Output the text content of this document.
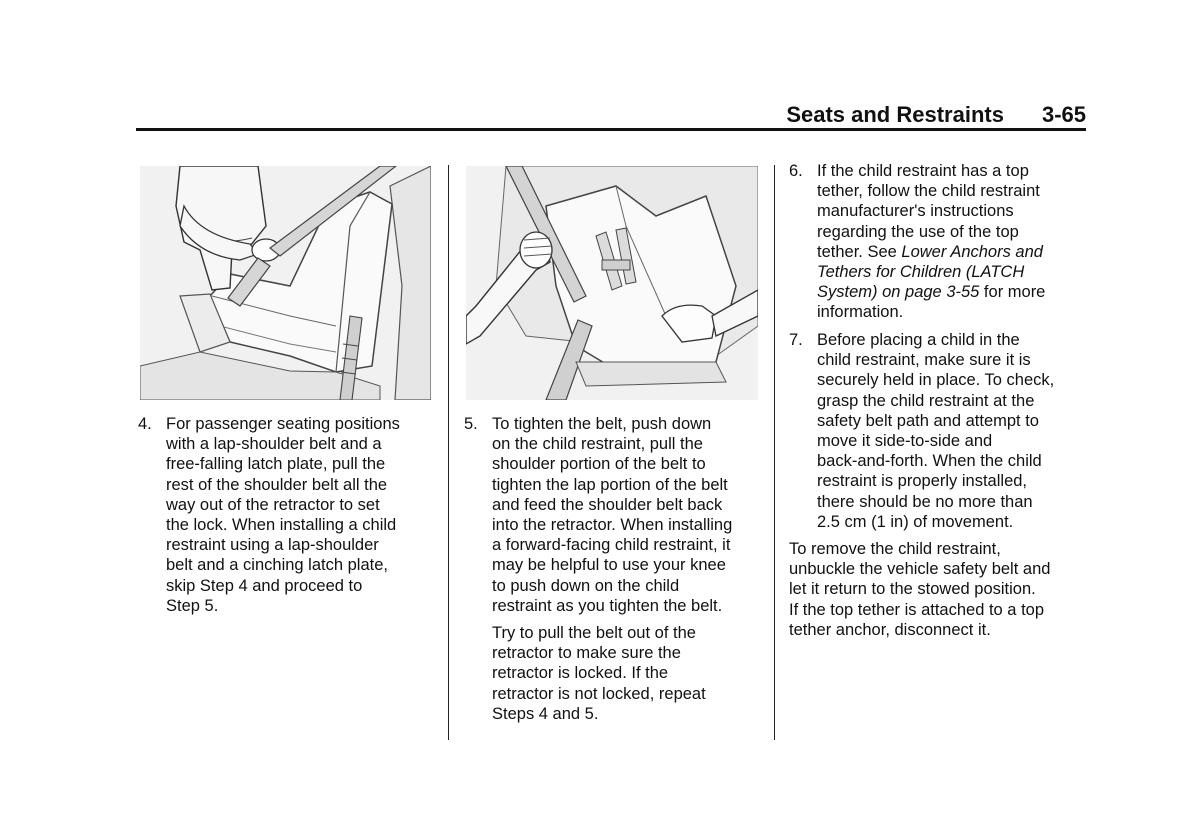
Seats and Restraints 3-65
4. For passenger seating positions
with a lap-shoulder belt and a
free-falling latch plate, pull the
rest of the shoulder belt all the
way out of the retractor to set
the lock. When installing a child
restraint using a lap-shoulder
belt and a cinching latch plate,
skip Step 4 and proceed to
Step 5.
5. To tighten the belt, push down
on the child restraint, pull the
shoulder portion of the belt to
tighten the lap portion of the belt
and feed the shoulder belt back
into the retractor. When installing
a forward-facing child restraint, it
may be helpful to use your knee
to push down on the child
restraint as you tighten the belt.
Try to pull the belt out of the
retractor to make sure the
retractor is locked. If the
retractor is not locked, repeat
Steps 4 and 5.
6. If the child restraint has a top
tether, follow the child restraint
manufacturer's instructions
regarding the use of the top
tether. See Lower Anchors and
Tethers for Children (LATCH
System) on page 3-55 for more
information.
7. Before placing a child in the
child restraint, make sure it is
securely held in place. To check,
grasp the child restraint at the
safety belt path and attempt to
move it side-to-side and
back-and-forth. When the child
restraint is properly installed,
there should be no more than
2.5 cm (1 in) of movement.
To remove the child restraint,
unbuckle the vehicle safety belt and
let it return to the stowed position.
If the top tether is attached to a top
tether anchor, disconnect it.
